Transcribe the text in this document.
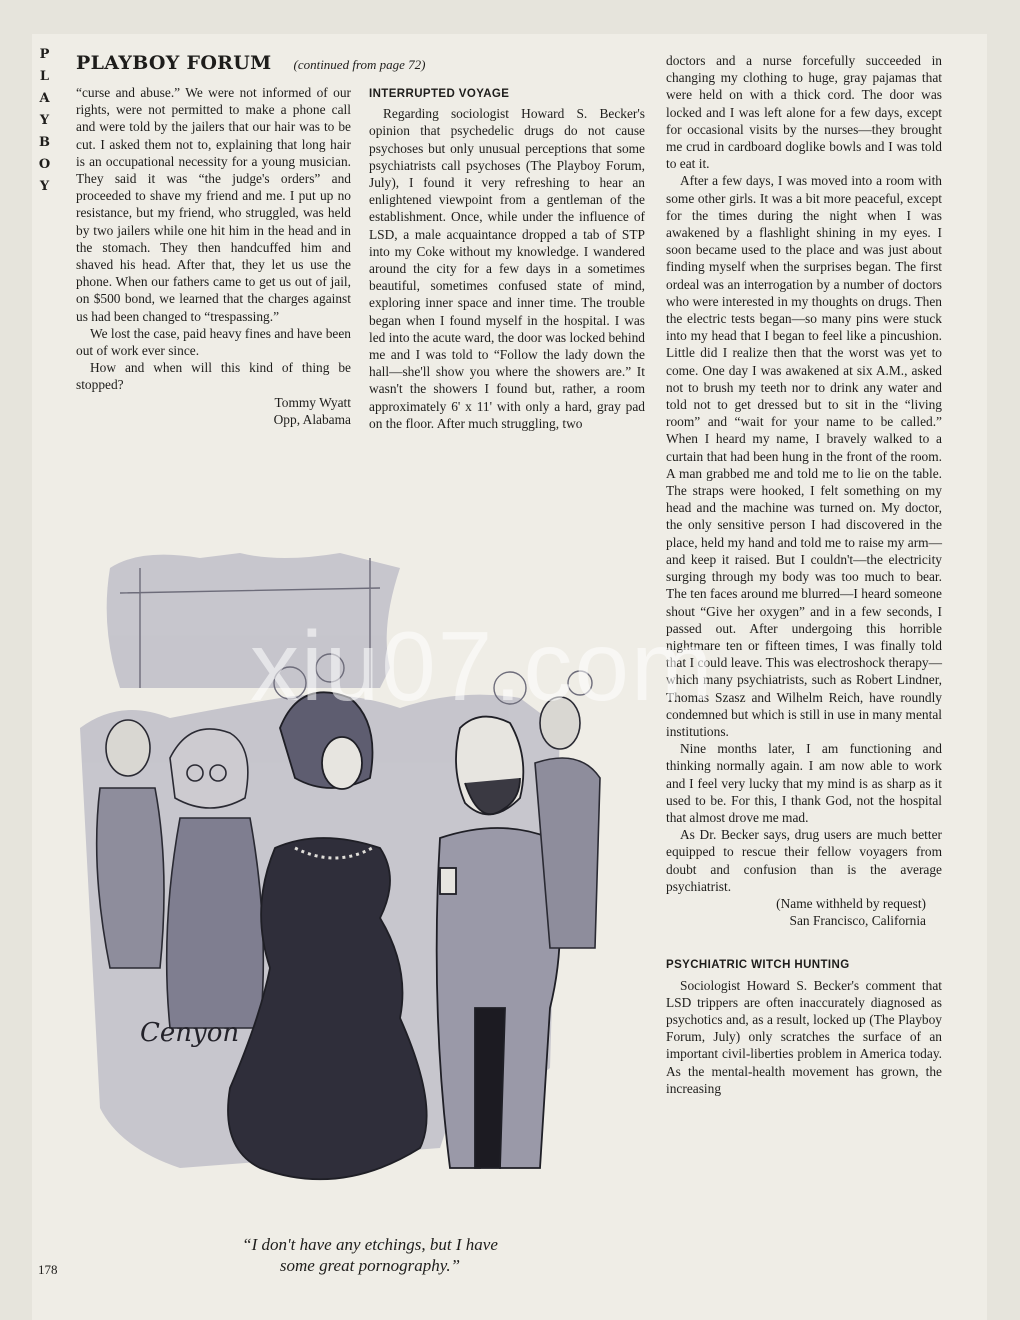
P
L
A
Y
B
O
Y
PLAYBOY FORUM (continued from page 72)

“curse and abuse.” We were not informed of our rights, were not permitted to make a phone call and were told by the jailers that our hair was to be cut. I asked them not to, explaining that long hair is an occupational necessity for a young musician. They said it was “the judge's orders” and proceeded to shave my friend and me. I put up no resistance, but my friend, who struggled, was held by two jailers while one hit him in the head and in the stomach. They then handcuffed him and shaved his head. After that, they let us use the phone. When our fathers came to get us out of jail, on $500 bond, we learned that the charges against us had been changed to “trespassing.”

We lost the case, paid heavy fines and have been out of work ever since.

How and when will this kind of thing be stopped?

Tommy Wyatt

Opp, Alabama

INTERRUPTED VOYAGE

Regarding sociologist Howard S. Becker's opinion that psychedelic drugs do not cause psychoses but only unusual perceptions that some psychiatrists call psychoses (The Playboy Forum, July), I found it very refreshing to hear an enlightened viewpoint from a gentleman of the establishment. Once, while under the influence of LSD, a male acquaintance dropped a tab of STP into my Coke without my knowledge. I wandered around the city for a few days in a sometimes beautiful, sometimes confused state of mind, exploring inner space and inner time. The trouble began when I found myself in the hospital. I was led into the acute ward, the door was locked behind me and I was told to “Follow the lady down the hall—she'll show you where the showers are.” It wasn't the showers I found but, rather, a room approximately 6' x 11' with only a hard, gray pad on the floor. After much struggling, two

doctors and a nurse forcefully succeeded in changing my clothing to huge, gray pajamas that were held on with a thick cord. The door was locked and I was left alone for a few days, except for occasional visits by the nurses—they brought me crud in cardboard doglike bowls and I was told to eat it.

After a few days, I was moved into a room with some other girls. It was a bit more peaceful, except for the times during the night when I was awakened by a flashlight shining in my eyes. I soon became used to the place and was just about finding myself when the surprises began. The first ordeal was an interrogation by a number of doctors who were interested in my thoughts on drugs. Then the electric tests began—so many pins were stuck into my head that I began to feel like a pincushion. Little did I realize then that the worst was yet to come. One day I was awakened at six A.M., asked not to brush my teeth nor to drink any water and told not to get dressed but to sit in the “living room” and “wait for your name to be called.” When I heard my name, I bravely walked to a curtain that had been hung in the front of the room. A man grabbed me and told me to lie on the table. The straps were hooked, I felt something on my head and the machine was turned on. My doctor, the only sensitive person I had discovered in the place, held my hand and told me to raise my arm—and keep it raised. But I couldn't—the electricity surging through my body was too much to bear. The ten faces around me blurred—I heard someone shout “Give her oxygen” and in a few seconds, I passed out. After undergoing this horrible nightmare ten or fifteen times, I was finally told that I could leave. This was electroshock therapy—which many psychiatrists, such as Robert Lindner, Thomas Szasz and Wilhelm Reich, have roundly condemned but which is still in use in many mental institutions.

Nine months later, I am functioning and thinking normally again. I am now able to work and I feel very lucky that my mind is as sharp as it used to be. For this, I thank God, not the hospital that almost drove me mad.

As Dr. Becker says, drug users are much better equipped to rescue their fellow voyagers from doubt and confusion than is the average psychiatrist.

(Name withheld by request)

San Francisco, California

PSYCHIATRIC WITCH HUNTING

Sociologist Howard S. Becker's comment that LSD trippers are often inaccurately diagnosed as psychotics and, as a result, locked up (The Playboy Forum, July) only scratches the surface of an important civil-liberties problem in America today. As the mental-health movement has grown, the increasing

Cenyon
“I don't have any etchings, but I have
some great pornography.”
178
xiu07.com
